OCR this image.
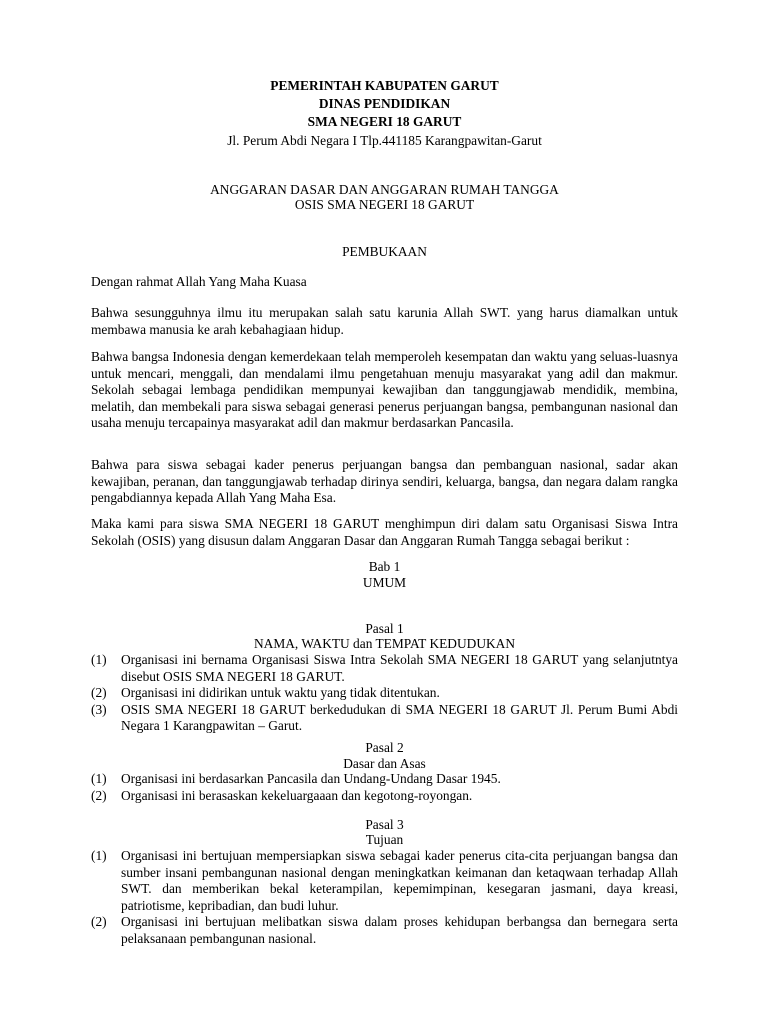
PEMERINTAH KABUPATEN GARUT

DINAS PENDIDIKAN

SMA NEGERI 18 GARUT

Jl. Perum Abdi Negara I Tlp.441185 Karangpawitan-Garut

ANGGARAN DASAR DAN ANGGARAN RUMAH TANGGA

OSIS SMA NEGERI 18 GARUT

PEMBUKAAN

Dengan rahmat Allah Yang Maha Kuasa

Bahwa sesungguhnya ilmu itu merupakan salah satu karunia Allah SWT. yang harus diamalkan untuk membawa manusia ke arah kebahagiaan hidup.

Bahwa bangsa Indonesia dengan kemerdekaan telah memperoleh kesempatan dan waktu yang seluas-luasnya untuk mencari, menggali, dan mendalami ilmu pengetahuan menuju masyarakat yang adil dan makmur. Sekolah sebagai lembaga pendidikan mempunyai kewajiban dan tanggungjawab mendidik, membina, melatih, dan membekali para siswa sebagai generasi penerus perjuangan bangsa, pembangunan nasional dan usaha menuju tercapainya masyarakat adil dan makmur berdasarkan Pancasila.

Bahwa para siswa sebagai kader penerus perjuangan bangsa dan pembanguan nasional, sadar akan kewajiban, peranan, dan tanggungjawab terhadap dirinya sendiri, keluarga, bangsa, dan negara dalam rangka pengabdiannya kepada Allah Yang Maha Esa.

Maka kami para siswa SMA NEGERI 18 GARUT menghimpun diri dalam satu Organisasi Siswa Intra Sekolah (OSIS) yang disusun dalam Anggaran Dasar dan Anggaran Rumah Tangga sebagai berikut :

Bab 1

UMUM

Pasal 1

NAMA, WAKTU dan TEMPAT KEDUDUKAN

(1) Organisasi ini bernama Organisasi Siswa Intra Sekolah SMA NEGERI 18 GARUT yang selanjutntya disebut OSIS SMA NEGERI 18 GARUT.
(2) Organisasi ini didirikan untuk waktu yang tidak ditentukan.
(3) OSIS SMA NEGERI 18 GARUT berkedudukan di SMA NEGERI 18 GARUT Jl. Perum Bumi Abdi Negara 1 Karangpawitan – Garut.

Pasal 2

Dasar dan Asas

(1) Organisasi ini berdasarkan Pancasila dan Undang-Undang Dasar 1945.
(2) Organisasi ini berasaskan kekeluargaaan dan kegotong-royongan.

Pasal 3

Tujuan

(1) Organisasi ini bertujuan mempersiapkan siswa sebagai kader penerus cita-cita perjuangan bangsa dan sumber insani pembangunan nasional dengan meningkatkan keimanan dan ketaqwaan terhadap Allah SWT. dan memberikan bekal keterampilan, kepemimpinan, kesegaran jasmani, daya kreasi, patriotisme, kepribadian, dan budi luhur.
(2) Organisasi ini bertujuan melibatkan siswa dalam proses kehidupan berbangsa dan bernegara serta pelaksanaan pembangunan nasional.
